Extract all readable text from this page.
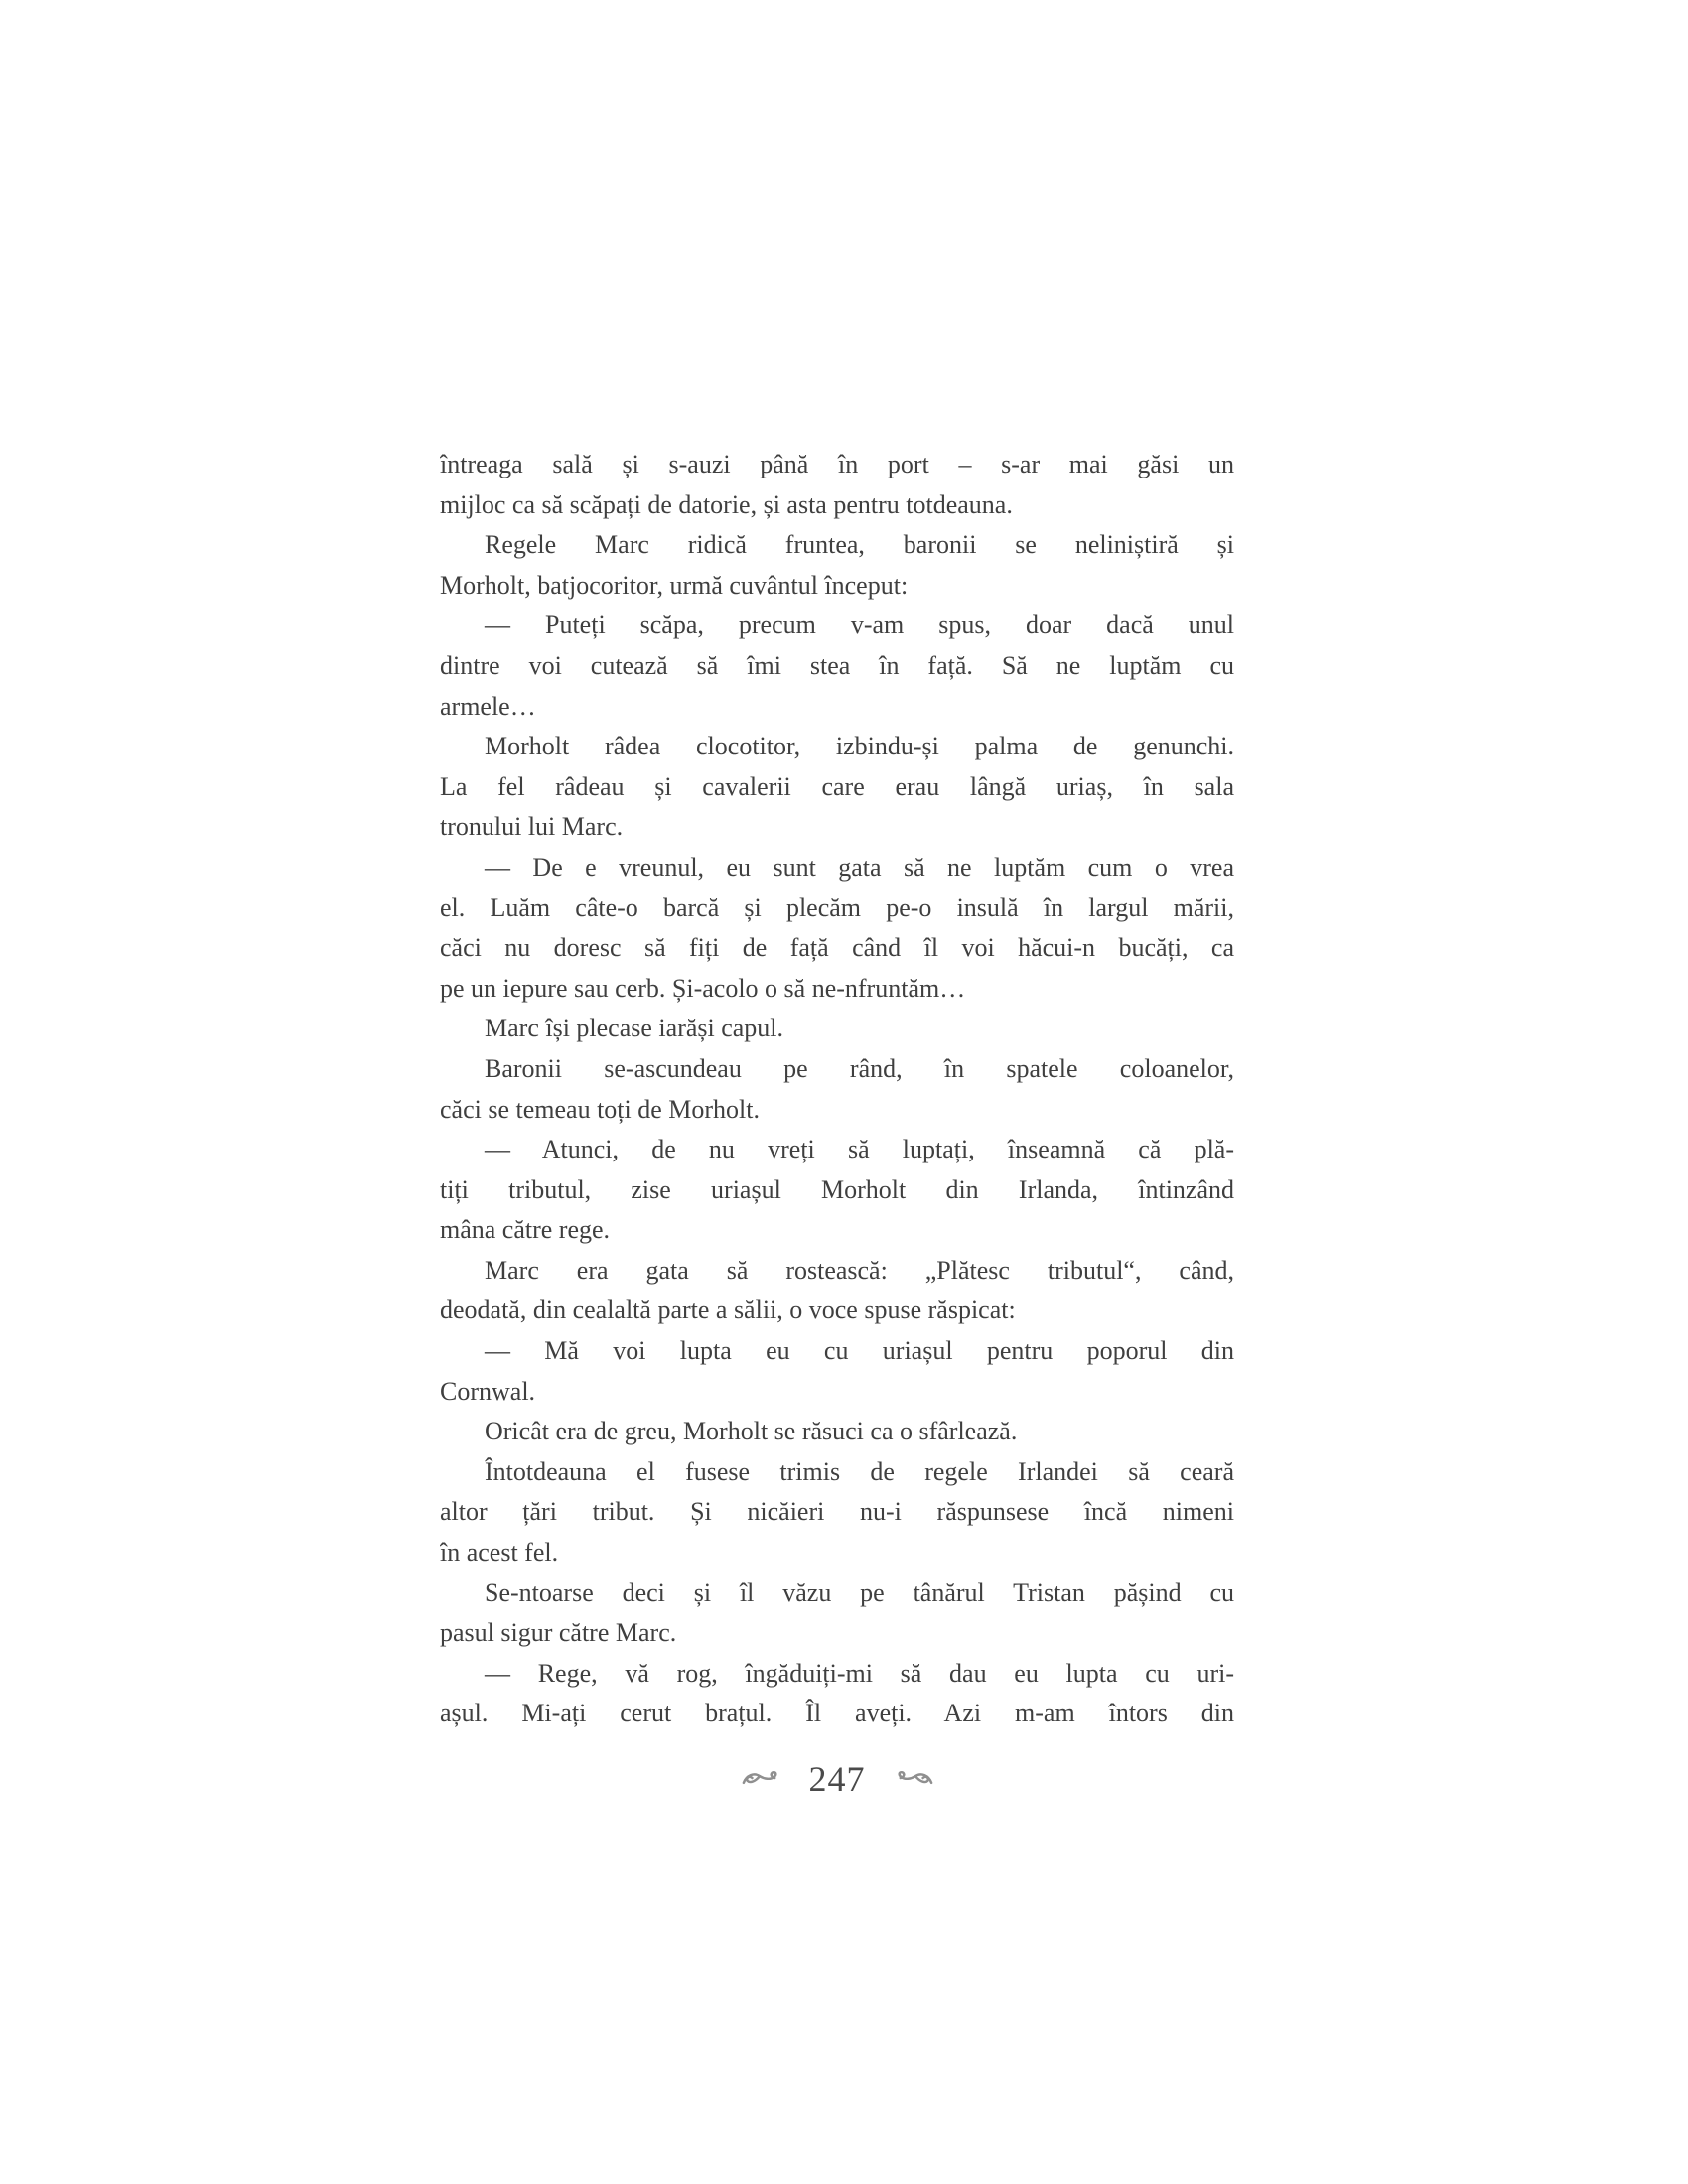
întreaga sală și s-auzi până în port – s-ar mai găsi un
mijloc ca să scăpați de datorie, și asta pentru totdeauna.
Regele Marc ridică fruntea, baronii se neliniștiră și
Morholt, batjocoritor, urmă cuvântul început:
— Puteți scăpa, precum v-am spus, doar dacă unul
dintre voi cutează să îmi stea în față. Să ne luptăm cu
armele…
Morholt râdea clocotitor, izbindu-și palma de genunchi.
La fel râdeau și cavalerii care erau lângă uriaș, în sala
tronului lui Marc.
— De e vreunul, eu sunt gata să ne luptăm cum o vrea
el. Luăm câte-o barcă și plecăm pe-o insulă în largul mării,
căci nu doresc să fiți de față când îl voi hăcui-n bucăți, ca
pe un iepure sau cerb. Și-acolo o să ne-nfruntăm…
Marc își plecase iarăși capul.
Baronii se-ascundeau pe rând, în spatele coloanelor,
căci se temeau toți de Morholt.
— Atunci, de nu vreți să luptați, înseamnă că plă-
tiți tributul, zise uriașul Morholt din Irlanda, întinzând
mâna către rege.
Marc era gata să rostească: „Plătesc tributul“, când,
deodată, din cealaltă parte a sălii, o voce spuse răspicat:
— Mă voi lupta eu cu uriașul pentru poporul din
Cornwal.
Oricât era de greu, Morholt se răsuci ca o sfârlează.
Întotdeauna el fusese trimis de regele Irlandei să ceară
altor țări tribut. Și nicăieri nu-i răspunsese încă nimeni
în acest fel.
Se-ntoarse deci și îl văzu pe tânărul Tristan pășind cu
pasul sigur către Marc.
— Rege, vă rog, îngăduiți-mi să dau eu lupta cu uri-
așul. Mi-ați cerut brațul. Îl aveți. Azi m-am întors din
247
